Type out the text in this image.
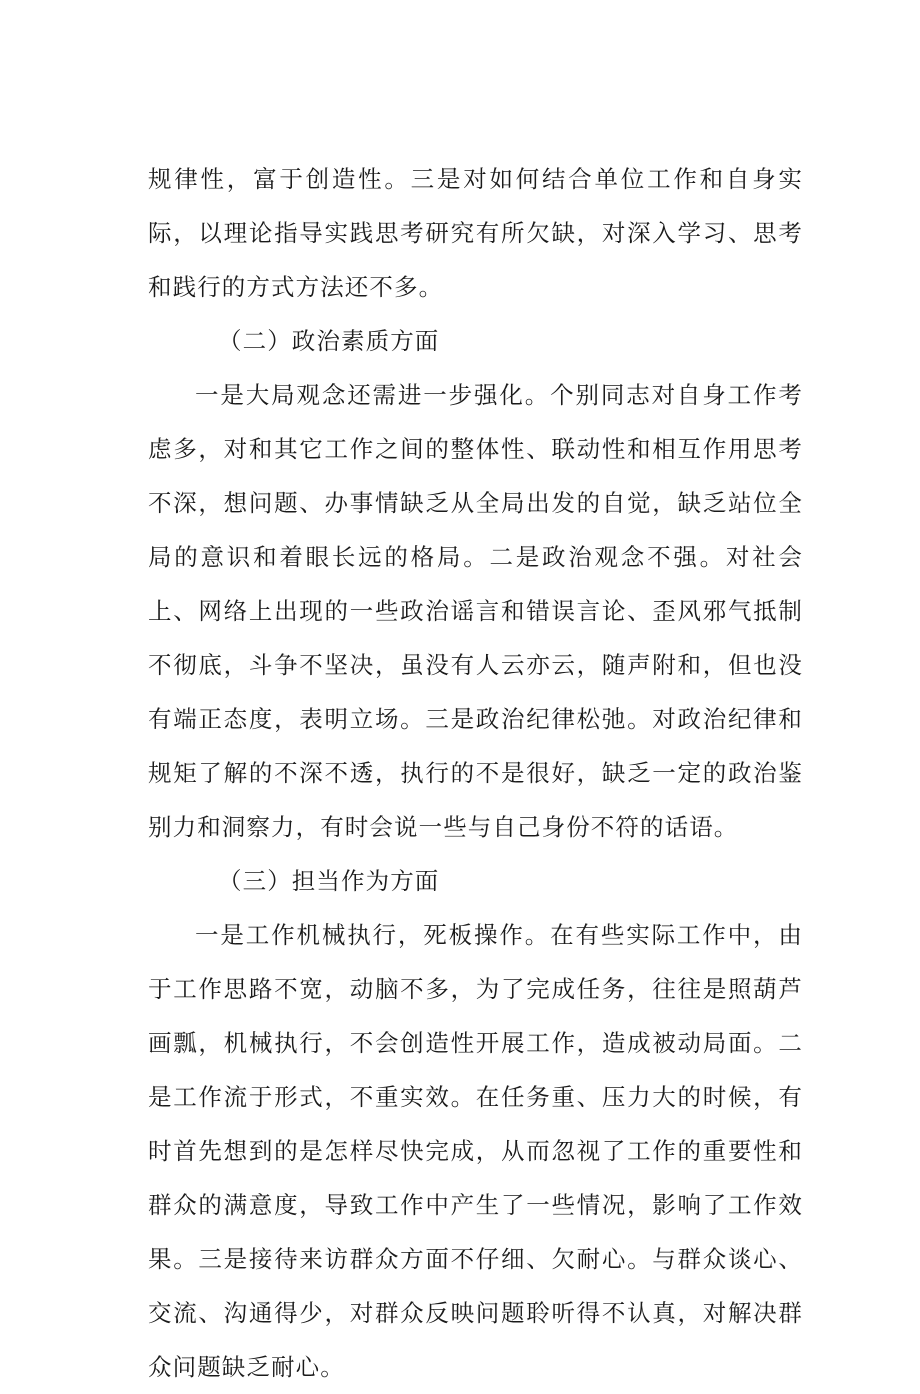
规律性，富于创造性。三是对如何结合单位工作和自身实际，以理论指导实践思考研究有所欠缺，对深入学习、思考和践行的方式方法还不多。

（二）政治素质方面

一是大局观念还需进一步强化。个别同志对自身工作考虑多，对和其它工作之间的整体性、联动性和相互作用思考不深，想问题、办事情缺乏从全局出发的自觉，缺乏站位全局的意识和着眼长远的格局。二是政治观念不强。对社会上、网络上出现的一些政治谣言和错误言论、歪风邪气抵制不彻底，斗争不坚决，虽没有人云亦云，随声附和，但也没有端正态度，表明立场。三是政治纪律松弛。对政治纪律和规矩了解的不深不透，执行的不是很好，缺乏一定的政治鉴别力和洞察力，有时会说一些与自己身份不符的话语。

（三）担当作为方面

一是工作机械执行，死板操作。在有些实际工作中，由于工作思路不宽，动脑不多，为了完成任务，往往是照葫芦画瓢，机械执行，不会创造性开展工作，造成被动局面。二是工作流于形式，不重实效。在任务重、压力大的时候，有时首先想到的是怎样尽快完成，从而忽视了工作的重要性和群众的满意度，导致工作中产生了一些情况，影响了工作效果。三是接待来访群众方面不仔细、欠耐心。与群众谈心、交流、沟通得少，对群众反映问题聆听得不认真，对解决群众问题缺乏耐心。
